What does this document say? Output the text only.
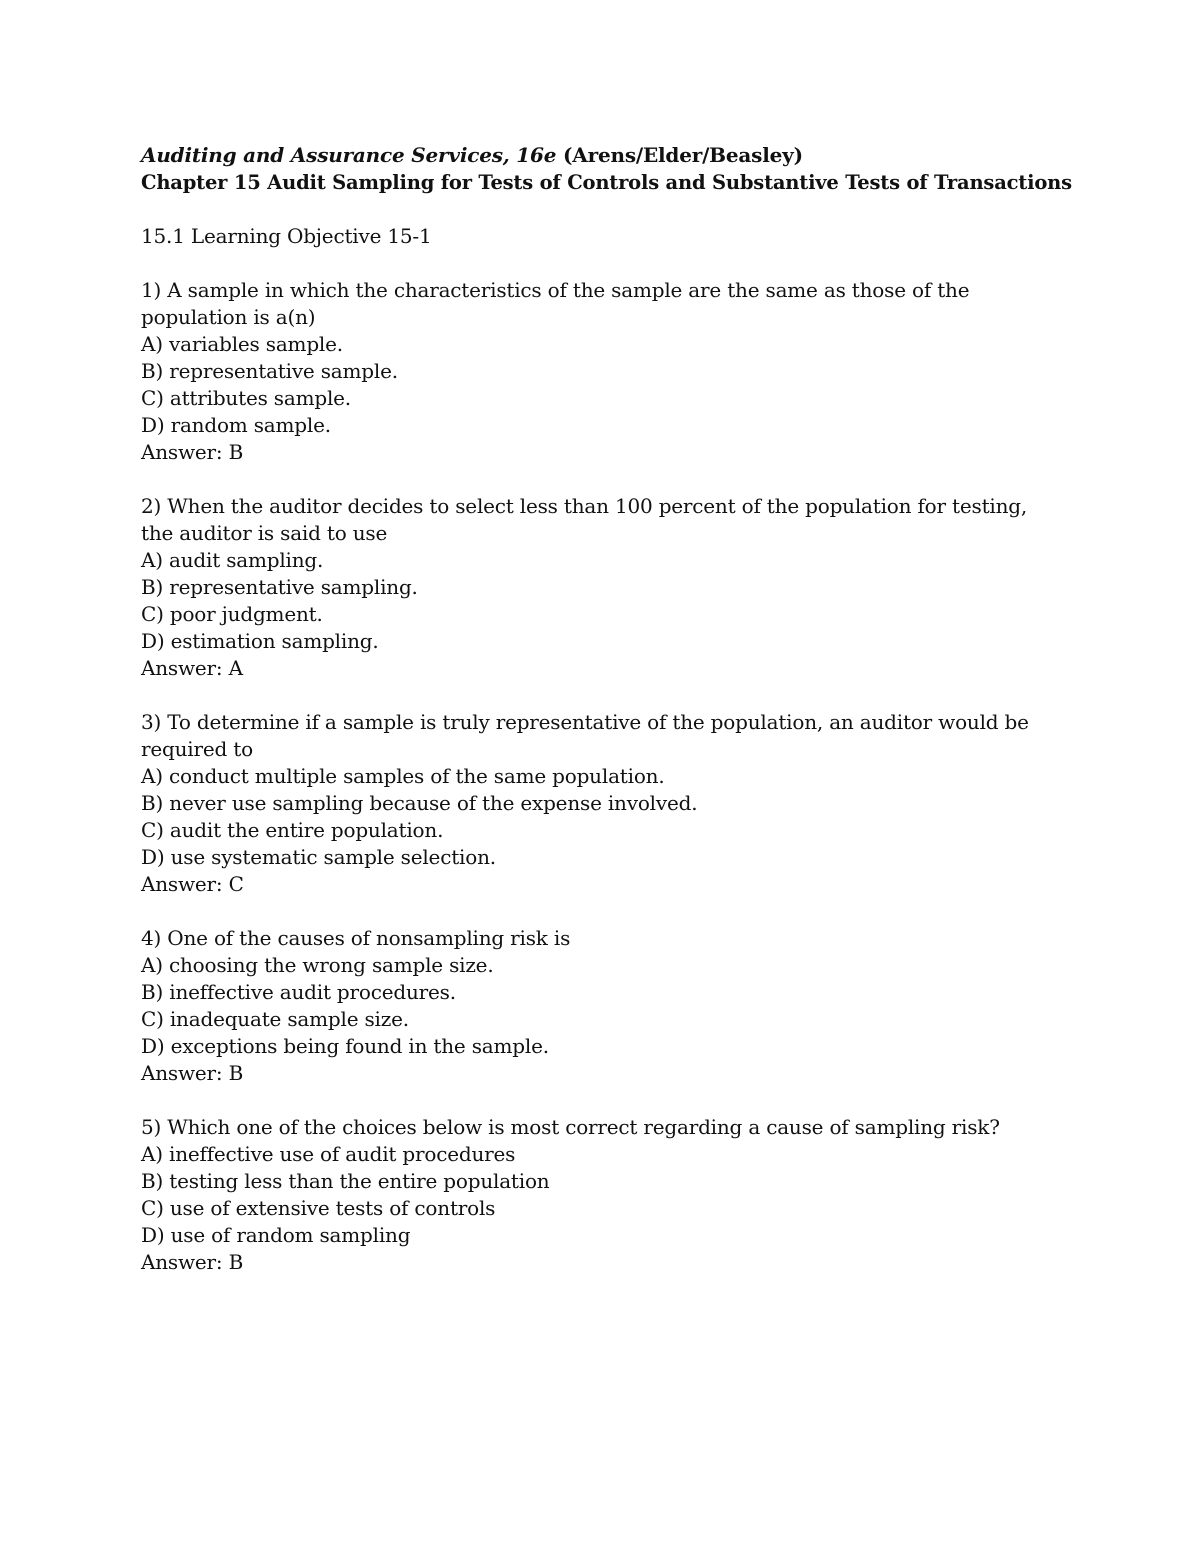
Auditing and Assurance Services, 16e (Arens/Elder/Beasley)
Chapter 15 Audit Sampling for Tests of Controls and Substantive Tests of Transactions
15.1 Learning Objective 15-1
1) A sample in which the characteristics of the sample are the same as those of the population is a(n)
A) variables sample.
B) representative sample.
C) attributes sample.
D) random sample.
Answer: B
2) When the auditor decides to select less than 100 percent of the population for testing, the auditor is said to use
A) audit sampling.
B) representative sampling.
C) poor judgment.
D) estimation sampling.
Answer: A
3) To determine if a sample is truly representative of the population, an auditor would be required to
A) conduct multiple samples of the same population.
B) never use sampling because of the expense involved.
C) audit the entire population.
D) use systematic sample selection.
Answer: C
4) One of the causes of nonsampling risk is
A) choosing the wrong sample size.
B) ineffective audit procedures.
C) inadequate sample size.
D) exceptions being found in the sample.
Answer: B
5) Which one of the choices below is most correct regarding a cause of sampling risk?
A) ineffective use of audit procedures
B) testing less than the entire population
C) use of extensive tests of controls
D) use of random sampling
Answer: B
